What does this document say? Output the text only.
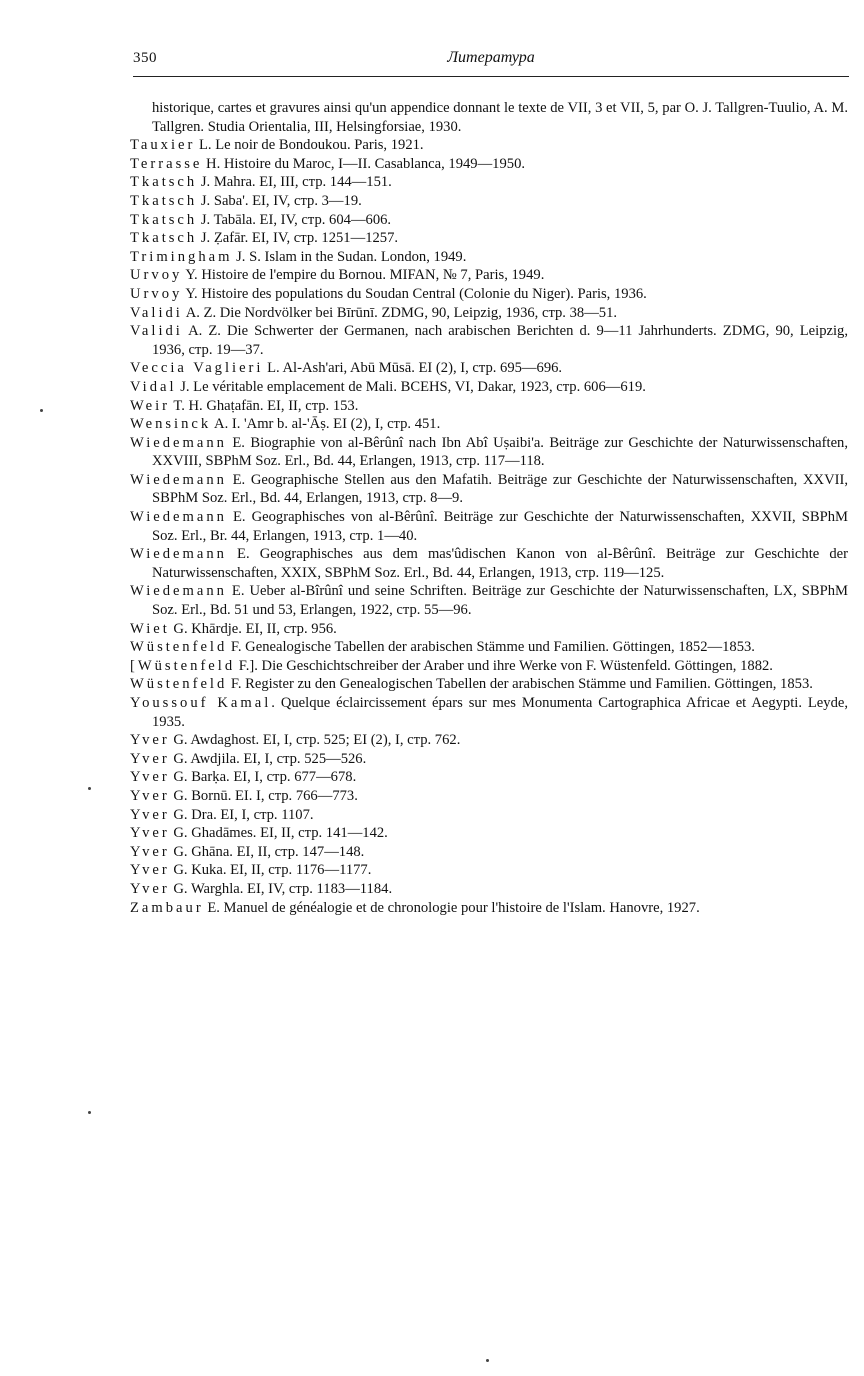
350	Литература
historique, cartes et gravures ainsi qu'un appendice donnant le texte de VII, 3 et VII, 5, par O. J. Tallgren-Tuulio, A. M. Tallgren. Studia Orientalia, III, Helsingforsiae, 1930.
Tauxier L. Le noir de Bondoukou. Paris, 1921.
Terrasse H. Histoire du Maroc, I—II. Casablanca, 1949—1950.
Tkatsch J. Mahra. EI, III, стр. 144—151.
Tkatsch J. Saba'. EI, IV, стр. 3—19.
Tkatsch J. Tabāla. EI, IV, стр. 604—606.
Tkatsch J. Ẓafār. EI, IV, стр. 1251—1257.
Trimingham J. S. Islam in the Sudan. London, 1949.
Urvoy Y. Histoire de l'empire du Bornou. MIFAN, № 7, Paris, 1949.
Urvoy Y. Histoire des populations du Soudan Central (Colonie du Niger). Paris, 1936.
Validi A. Z. Die Nordvölker bei Bīrūnī. ZDMG, 90, Leipzig, 1936, стр. 38—51.
Validi A. Z. Die Schwerter der Germanen, nach arabischen Berichten d. 9—11 Jahrhunderts. ZDMG, 90, Leipzig, 1936, стр. 19—37.
Veccia Vaglieri L. Al-Ash'ari, Abū Mūsā. EI (2), I, стр. 695—696.
Vidal J. Le véritable emplacement de Mali. BCEHS, VI, Dakar, 1923, стр. 606—619.
Weir T. H. Ghaṭafān. EI, II, стр. 153.
Wensinck A. I. 'Amr b. al-'Āṣ. EI (2), I, стр. 451.
Wiedemann E. Biographie von al-Bêrûnî nach Ibn Abî Uṣaibi'a. Beiträge zur Geschichte der Naturwissenschaften, XXVIII, SBPhM Soz. Erl., Bd. 44, Erlangen, 1913, стр. 117—118.
Wiedemann E. Geographische Stellen aus den Mafatih. Beiträge zur Geschichte der Naturwissenschaften, XXVII, SBPhM Soz. Erl., Bd. 44, Erlangen, 1913, стр. 8—9.
Wiedemann E. Geographisches von al-Bêrûnî. Beiträge zur Geschichte der Naturwissenschaften, XXVII, SBPhM Soz. Erl., Br. 44, Erlangen, 1913, стр. 1—40.
Wiedemann E. Geographisches aus dem mas'ûdischen Kanon von al-Bêrûnî. Beiträge zur Geschichte der Naturwissenschaften, XXIX, SBPhM Soz. Erl., Bd. 44, Erlangen, 1913, стр. 119—125.
Wiedemann E. Ueber al-Bîrûnî und seine Schriften. Beiträge zur Geschichte der Naturwissenschaften, LX, SBPhM Soz. Erl., Bd. 51 und 53, Erlangen, 1922, стр. 55—96.
Wiet G. Khārdje. EI, II, стр. 956.
Wüstenfeld F. Genealogische Tabellen der arabischen Stämme und Familien. Göttingen, 1852—1853.
[Wüstenfeld F.]. Die Geschichtschreiber der Araber und ihre Werke von F. Wüstenfeld. Göttingen, 1882.
Wüstenfeld F. Register zu den Genealogischen Tabellen der arabischen Stämme und Familien. Göttingen, 1853.
Youssouf Kamal. Quelque éclaircissement épars sur mes Monumenta Cartographica Africae et Aegypti. Leyde, 1935.
Yver G. Awdaghost. EI, I, стр. 525; EI (2), I, стр. 762.
Yver G. Awdjila. EI, I, стр. 525—526.
Yver G. Barḳa. EI, I, стр. 677—678.
Yver G. Bornū. EI. I, стр. 766—773.
Yver G. Dra. EI, I, стр. 1107.
Yver G. Ghadāmes. EI, II, стр. 141—142.
Yver G. Ghāna. EI, II, стр. 147—148.
Yver G. Kuka. EI, II, стр. 1176—1177.
Yver G. Warghla. EI, IV, стр. 1183—1184.
Zambaur E. Manuel de généalogie et de chronologie pour l'histoire de l'Islam. Hanovre, 1927.
